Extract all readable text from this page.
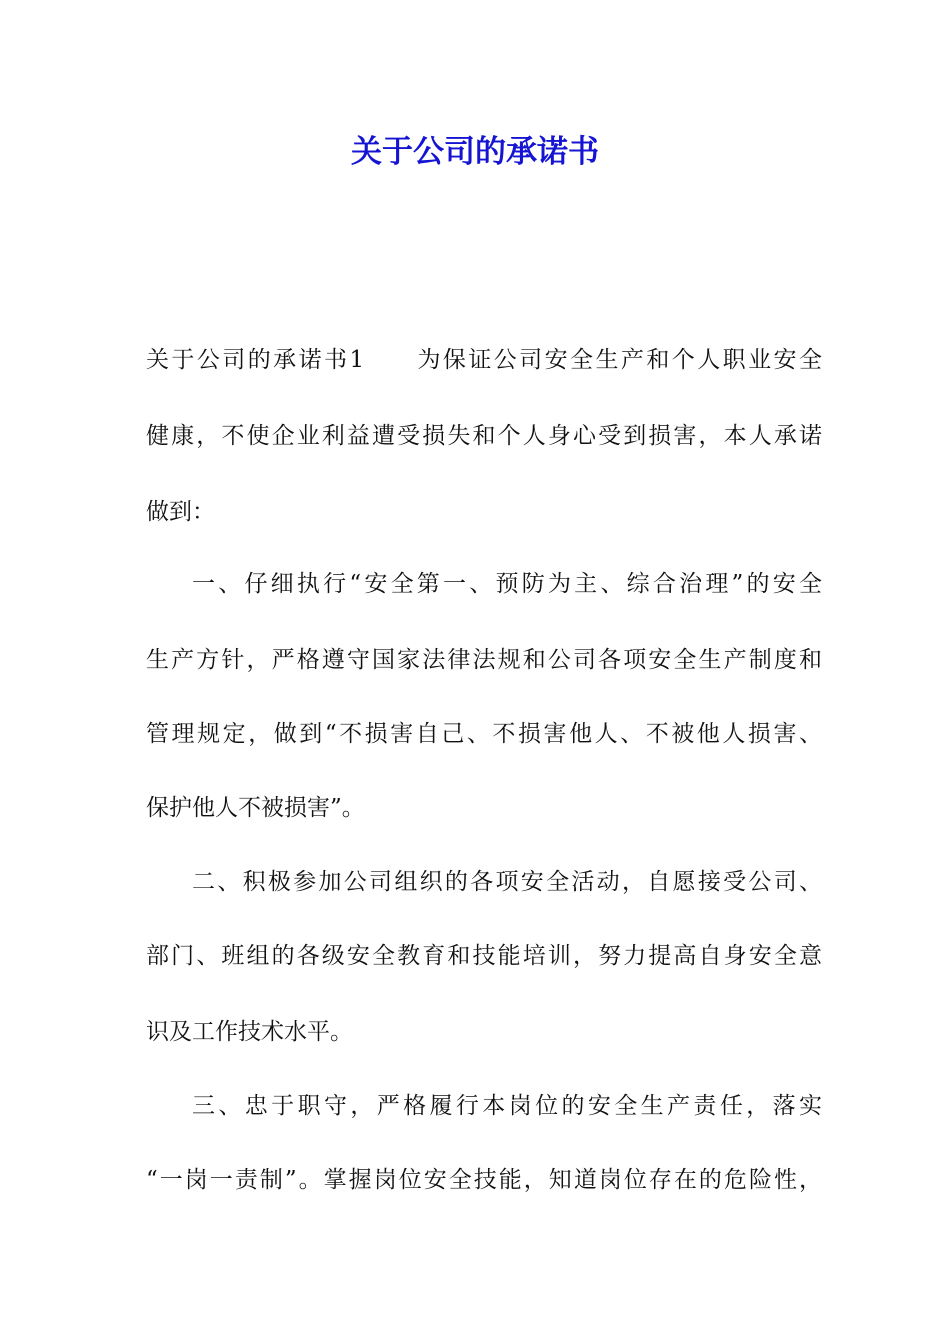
关于公司的承诺书

关于公司的承诺书1　　为保证公司安全生产和个人职业安全

健康，不使企业利益遭受损失和个人身心受到损害，本人承诺

做到：

一、仔细执行“安全第一、预防为主、综合治理”的安全

生产方针，严格遵守国家法律法规和公司各项安全生产制度和

管理规定，做到“不损害自己、不损害他人、不被他人损害、

保护他人不被损害”。

二、积极参加公司组织的各项安全活动，自愿接受公司、

部门、班组的各级安全教育和技能培训，努力提高自身安全意

识及工作技术水平。

三、忠于职守，严格履行本岗位的安全生产责任，落实

“一岗一责制”。掌握岗位安全技能，知道岗位存在的危险性，
